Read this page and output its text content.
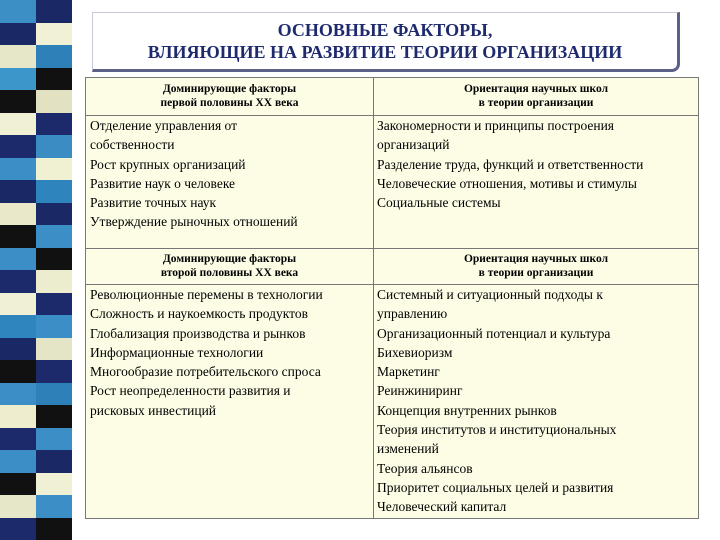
ОСНОВНЫЕ ФАКТОРЫ,
ВЛИЯЮЩИЕ НА РАЗВИТИЕ ТЕОРИИ ОРГАНИЗАЦИИ
Доминирующие факторы
первой половины ХХ века
Ориентация научных школ
в теории организации
Отделение управления от
собственности
Рост крупных организаций
Развитие наук о человеке
Развитие точных наук
Утверждение рыночных отношений
Закономерности и принципы построения
организаций
Разделение труда, функций и ответственности
Человеческие отношения, мотивы и стимулы
Социальные системы
Доминирующие факторы
второй половины ХХ века
Ориентация научных школ
в теории организации
Революционные перемены в технологии
Сложность и наукоемкость продуктов
Глобализация производства и рынков
Информационные технологии
Многообразие потребительского спроса
Рост неопределенности развития и
рисковых инвестиций
Системный и ситуационный подходы к
управлению
Организационный потенциал и культура
Бихевиоризм
Маркетинг
Реинжиниринг
Концепция внутренних рынков
Теория институтов и институциональных
изменений
Теория альянсов
Приоритет социальных целей и развития
Человеческий капитал
